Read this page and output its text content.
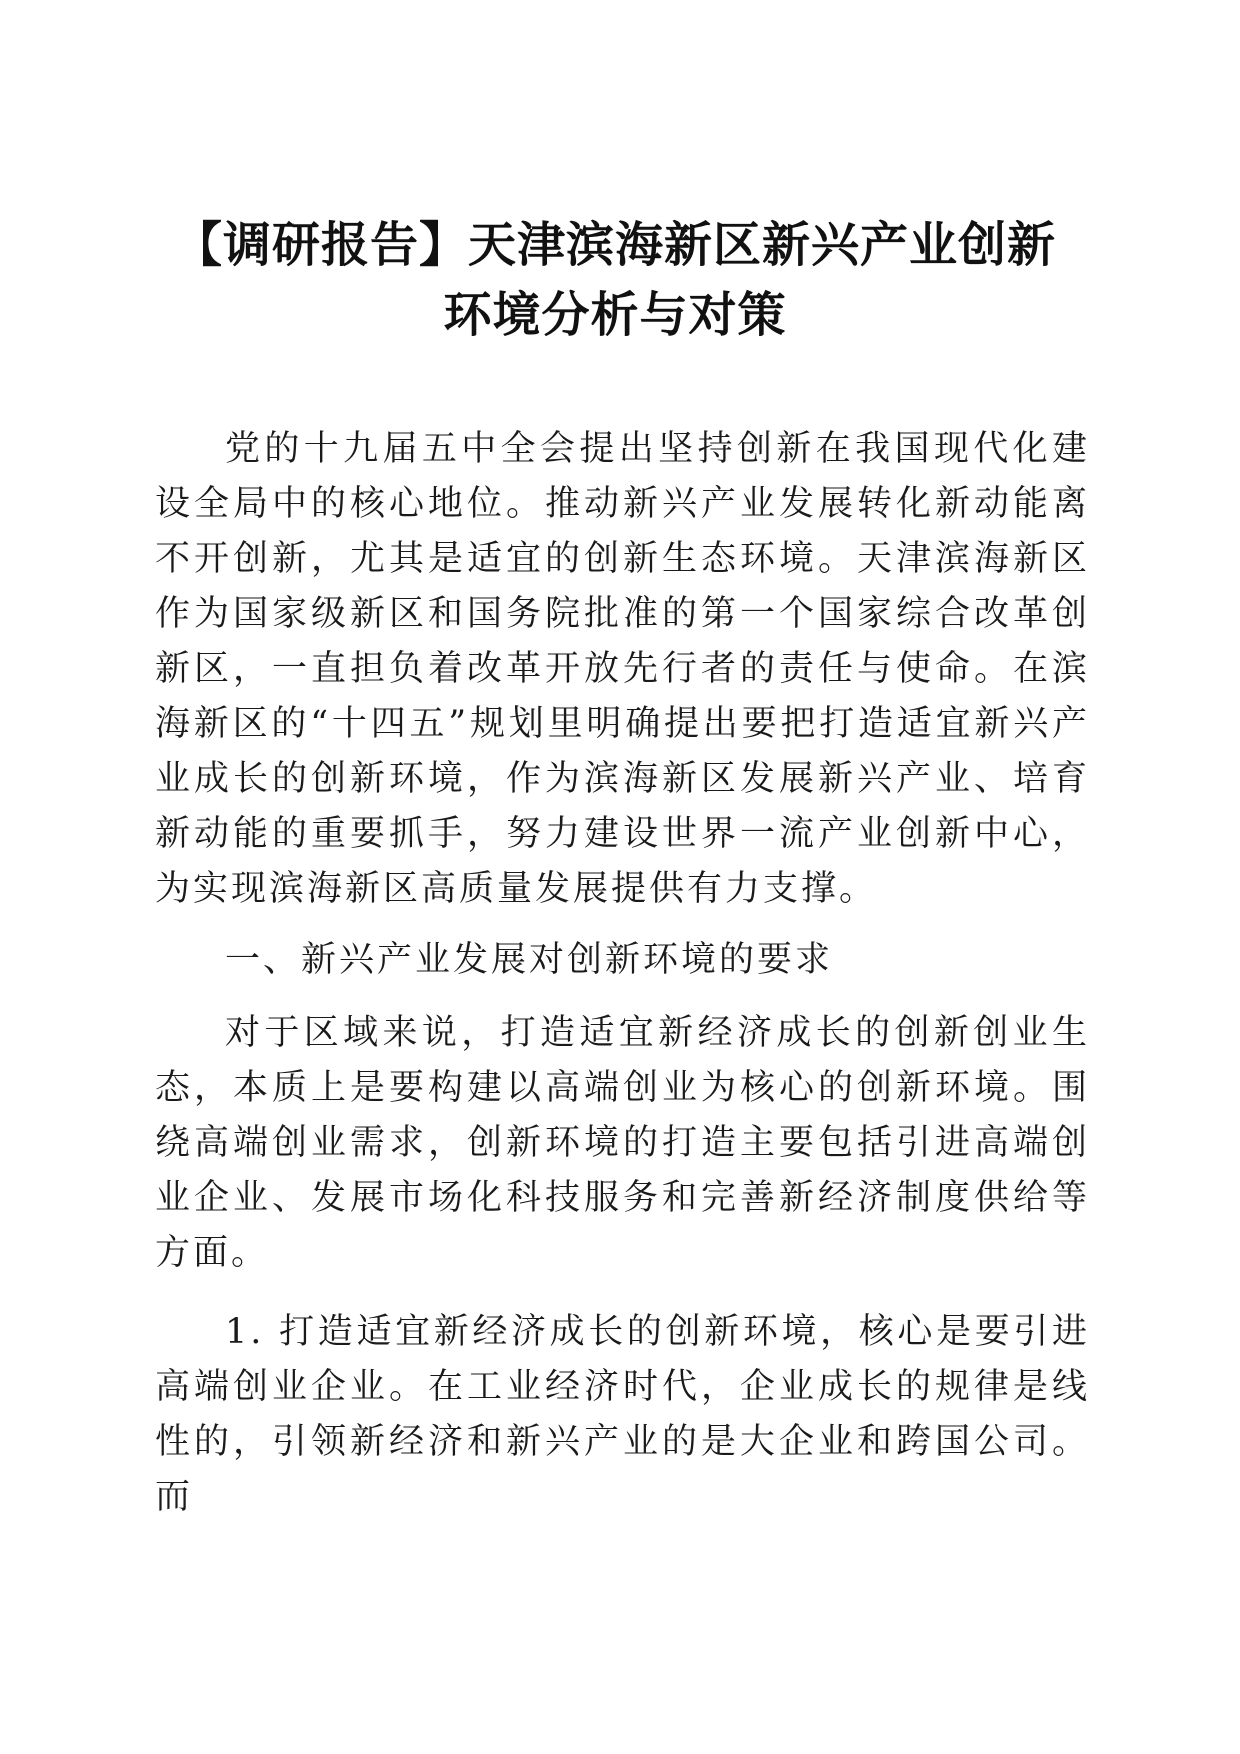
【调研报告】天津滨海新区新兴产业创新
环境分析与对策

党的十九届五中全会提出坚持创新在我国现代化建设全局中的核心地位。推动新兴产业发展转化新动能离不开创新，尤其是适宜的创新生态环境。天津滨海新区作为国家级新区和国务院批准的第一个国家综合改革创新区，一直担负着改革开放先行者的责任与使命。在滨海新区的“十四五”规划里明确提出要把打造适宜新兴产业成长的创新环境，作为滨海新区发展新兴产业、培育新动能的重要抓手，努力建设世界一流产业创新中心，为实现滨海新区高质量发展提供有力支撑。

一、新兴产业发展对创新环境的要求

对于区域来说，打造适宜新经济成长的创新创业生态，本质上是要构建以高端创业为核心的创新环境。围绕高端创业需求，创新环境的打造主要包括引进高端创业企业、发展市场化科技服务和完善新经济制度供给等方面。

1. 打造适宜新经济成长的创新环境，核心是要引进高端创业企业。在工业经济时代，企业成长的规律是线性的，引领新经济和新兴产业的是大企业和跨国公司。而
